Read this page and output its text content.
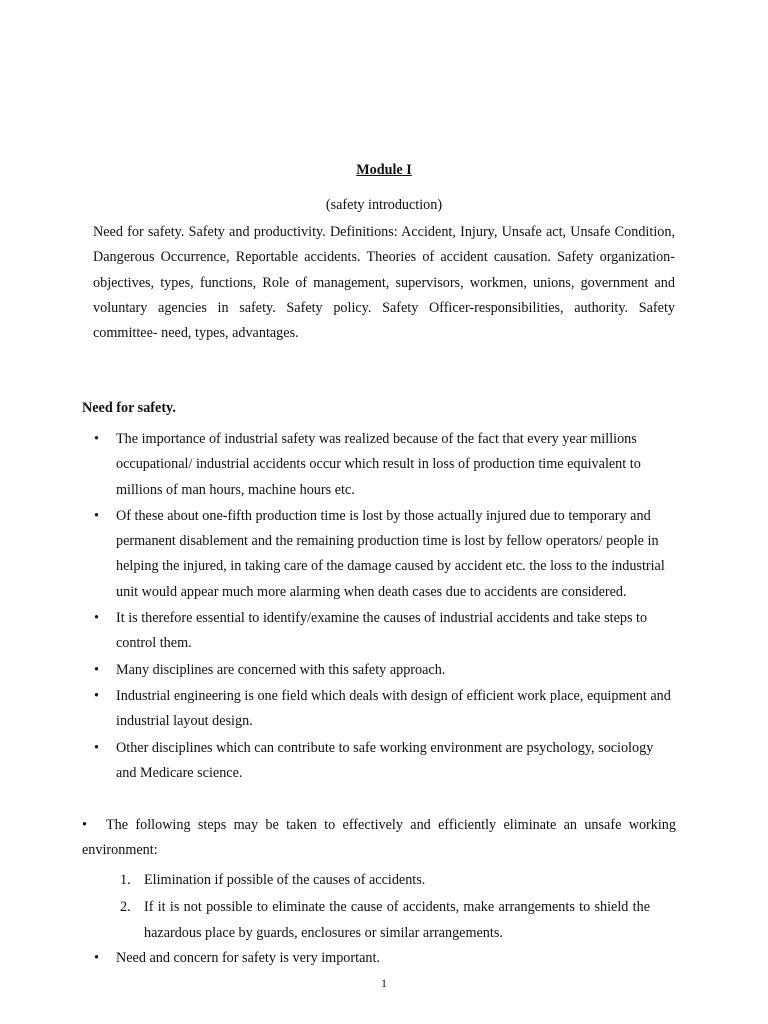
Module I
(safety introduction)

Need for safety. Safety and productivity. Definitions: Accident, Injury, Unsafe act, Unsafe Condition, Dangerous Occurrence, Reportable accidents. Theories of accident causation. Safety organization- objectives, types, functions, Role of management, supervisors, workmen, unions, government and voluntary agencies in safety. Safety policy. Safety Officer-responsibilities, authority. Safety committee- need, types, advantages.

Need for safety.
• The importance of industrial safety was realized because of the fact that every year millions occupational/ industrial accidents occur which result in loss of production time equivalent to millions of man hours, machine hours etc.
• Of these about one-fifth production time is lost by those actually injured due to temporary and permanent disablement and the remaining production time is lost by fellow operators/ people in helping the injured, in taking care of the damage caused by accident etc. the loss to the industrial unit would appear much more alarming when death cases due to accidents are considered.
• It is therefore essential to identify/examine the causes of industrial accidents and take steps to control them.
• Many disciplines are concerned with this safety approach.
• Industrial engineering is one field which deals with design of efficient work place, equipment and industrial layout design.
• Other disciplines which can contribute to safe working environment are psychology, sociology and Medicare science.

• The following steps may be taken to effectively and efficiently eliminate an unsafe working environment:

1. Elimination if possible of the causes of accidents.
2. If it is not possible to eliminate the cause of accidents, make arrangements to shield the hazardous place by guards, enclosures or similar arrangements.
• Need and concern for safety is very important.
1
